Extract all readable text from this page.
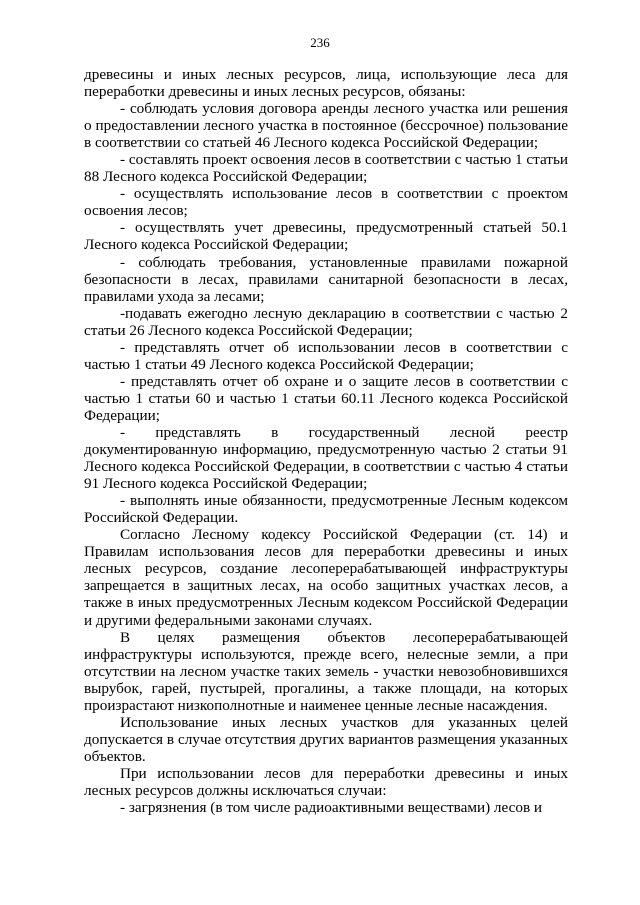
236

древесины и иных лесных ресурсов, лица, использующие леса для переработки древесины и иных лесных ресурсов, обязаны:

- соблюдать условия договора аренды лесного участка или решения о предоставлении лесного участка в постоянное (бессрочное) пользование в соответствии со статьей 46 Лесного кодекса Российской Федерации;

- составлять проект освоения лесов в соответствии с частью 1 статьи 88 Лесного кодекса Российской Федерации;

- осуществлять использование лесов в соответствии с проектом освоения лесов;

- осуществлять учет древесины, предусмотренный статьей 50.1 Лесного кодекса Российской Федерации;

- соблюдать требования, установленные правилами пожарной безопасности в лесах, правилами санитарной безопасности в лесах, правилами ухода за лесами;

-подавать ежегодно лесную декларацию в соответствии с частью 2 статьи 26 Лесного кодекса Российской Федерации;

- представлять отчет об использовании лесов в соответствии с частью 1 статьи 49 Лесного кодекса Российской Федерации;

- представлять отчет об охране и о защите лесов в соответствии с частью 1 статьи 60 и частью 1 статьи 60.11 Лесного кодекса Российской Федерации;

- представлять в государственный лесной реестр документированную информацию, предусмотренную частью 2 статьи 91 Лесного кодекса Российской Федерации, в соответствии с частью 4 статьи 91 Лесного кодекса Российской Федерации;

- выполнять иные обязанности, предусмотренные Лесным кодексом Российской Федерации.

Согласно Лесному кодексу Российской Федерации (ст. 14) и Правилам использования лесов для переработки древесины и иных лесных ресурсов, создание лесоперерабатывающей инфраструктуры запрещается в защитных лесах, на особо защитных участках лесов, а также в иных предусмотренных Лесным кодексом Российской Федерации и другими федеральными законами случаях.

В целях размещения объектов лесоперерабатывающей инфраструктуры используются, прежде всего, нелесные земли, а при отсутствии на лесном участке таких земель - участки невозобновившихся вырубок, гарей, пустырей, прогалины, а также площади, на которых произрастают низкополнотные и наименее ценные лесные насаждения.

Использование иных лесных участков для указанных целей допускается в случае отсутствия других вариантов размещения указанных объектов.

При использовании лесов для переработки древесины и иных лесных ресурсов должны исключаться случаи:

- загрязнения (в том числе радиоактивными веществами) лесов и
